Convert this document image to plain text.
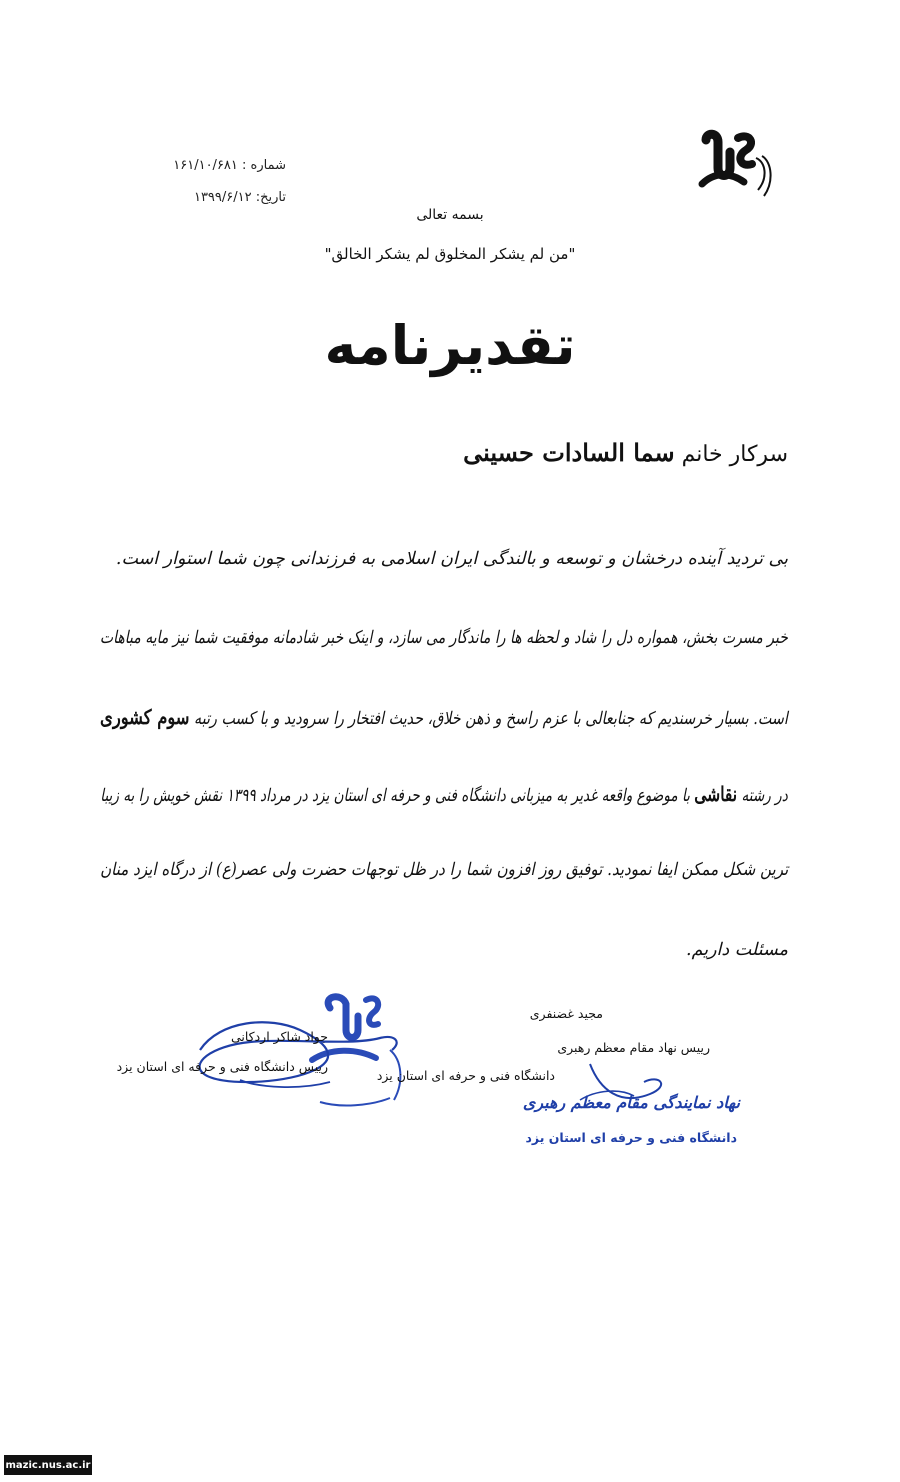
شماره : ۱۶۱/۱۰/۶۸۱
تاریخ: ۱۳۹۹/۶/۱۲
بسمه تعالی
"من لم یشکر المخلوق لم یشکر الخالق"
تقدیرنامه
سرکار خانم سما السادات حسینی
بی تردید آینده درخشان و توسعه و بالندگی ایران اسلامی به فرزندانی چون شما استوار است.
خبر مسرت بخش، همواره دل را شاد و لحظه ها را ماندگار می سازد، و اینک خبر شادمانه موفقیت شما نیز مایه مباهات
است. بسیار خرسندیم که جنابعالی با عزم راسخ و ذهن خلاق، حدیث افتخار را سرودید و با کسب رتبه سوم کشوری
در رشته نقاشی با موضوع واقعه غدیر به میزبانی دانشگاه فنی و حرفه ای استان یزد در مرداد ۱۳۹۹ نقش خویش را به زیبا
ترین شکل ممکن ایفا نمودید. توفیق روز افزون شما را در ظل توجهات حضرت ولی عصر(ع) از درگاه ایزد منان
مسئلت داریم.
جواد شاکر اردکانی
رییس دانشگاه فنی و حرفه ای استان یزد
مجید غضنفری
رییس نهاد مقام معظم رهبری
دانشگاه فنی و حرفه ای استان یزد
نهاد نمایندگی مقام معظم رهبری
دانشگاه فنی و حرفه ای استان یزد
mazic.nus.ac.ir
